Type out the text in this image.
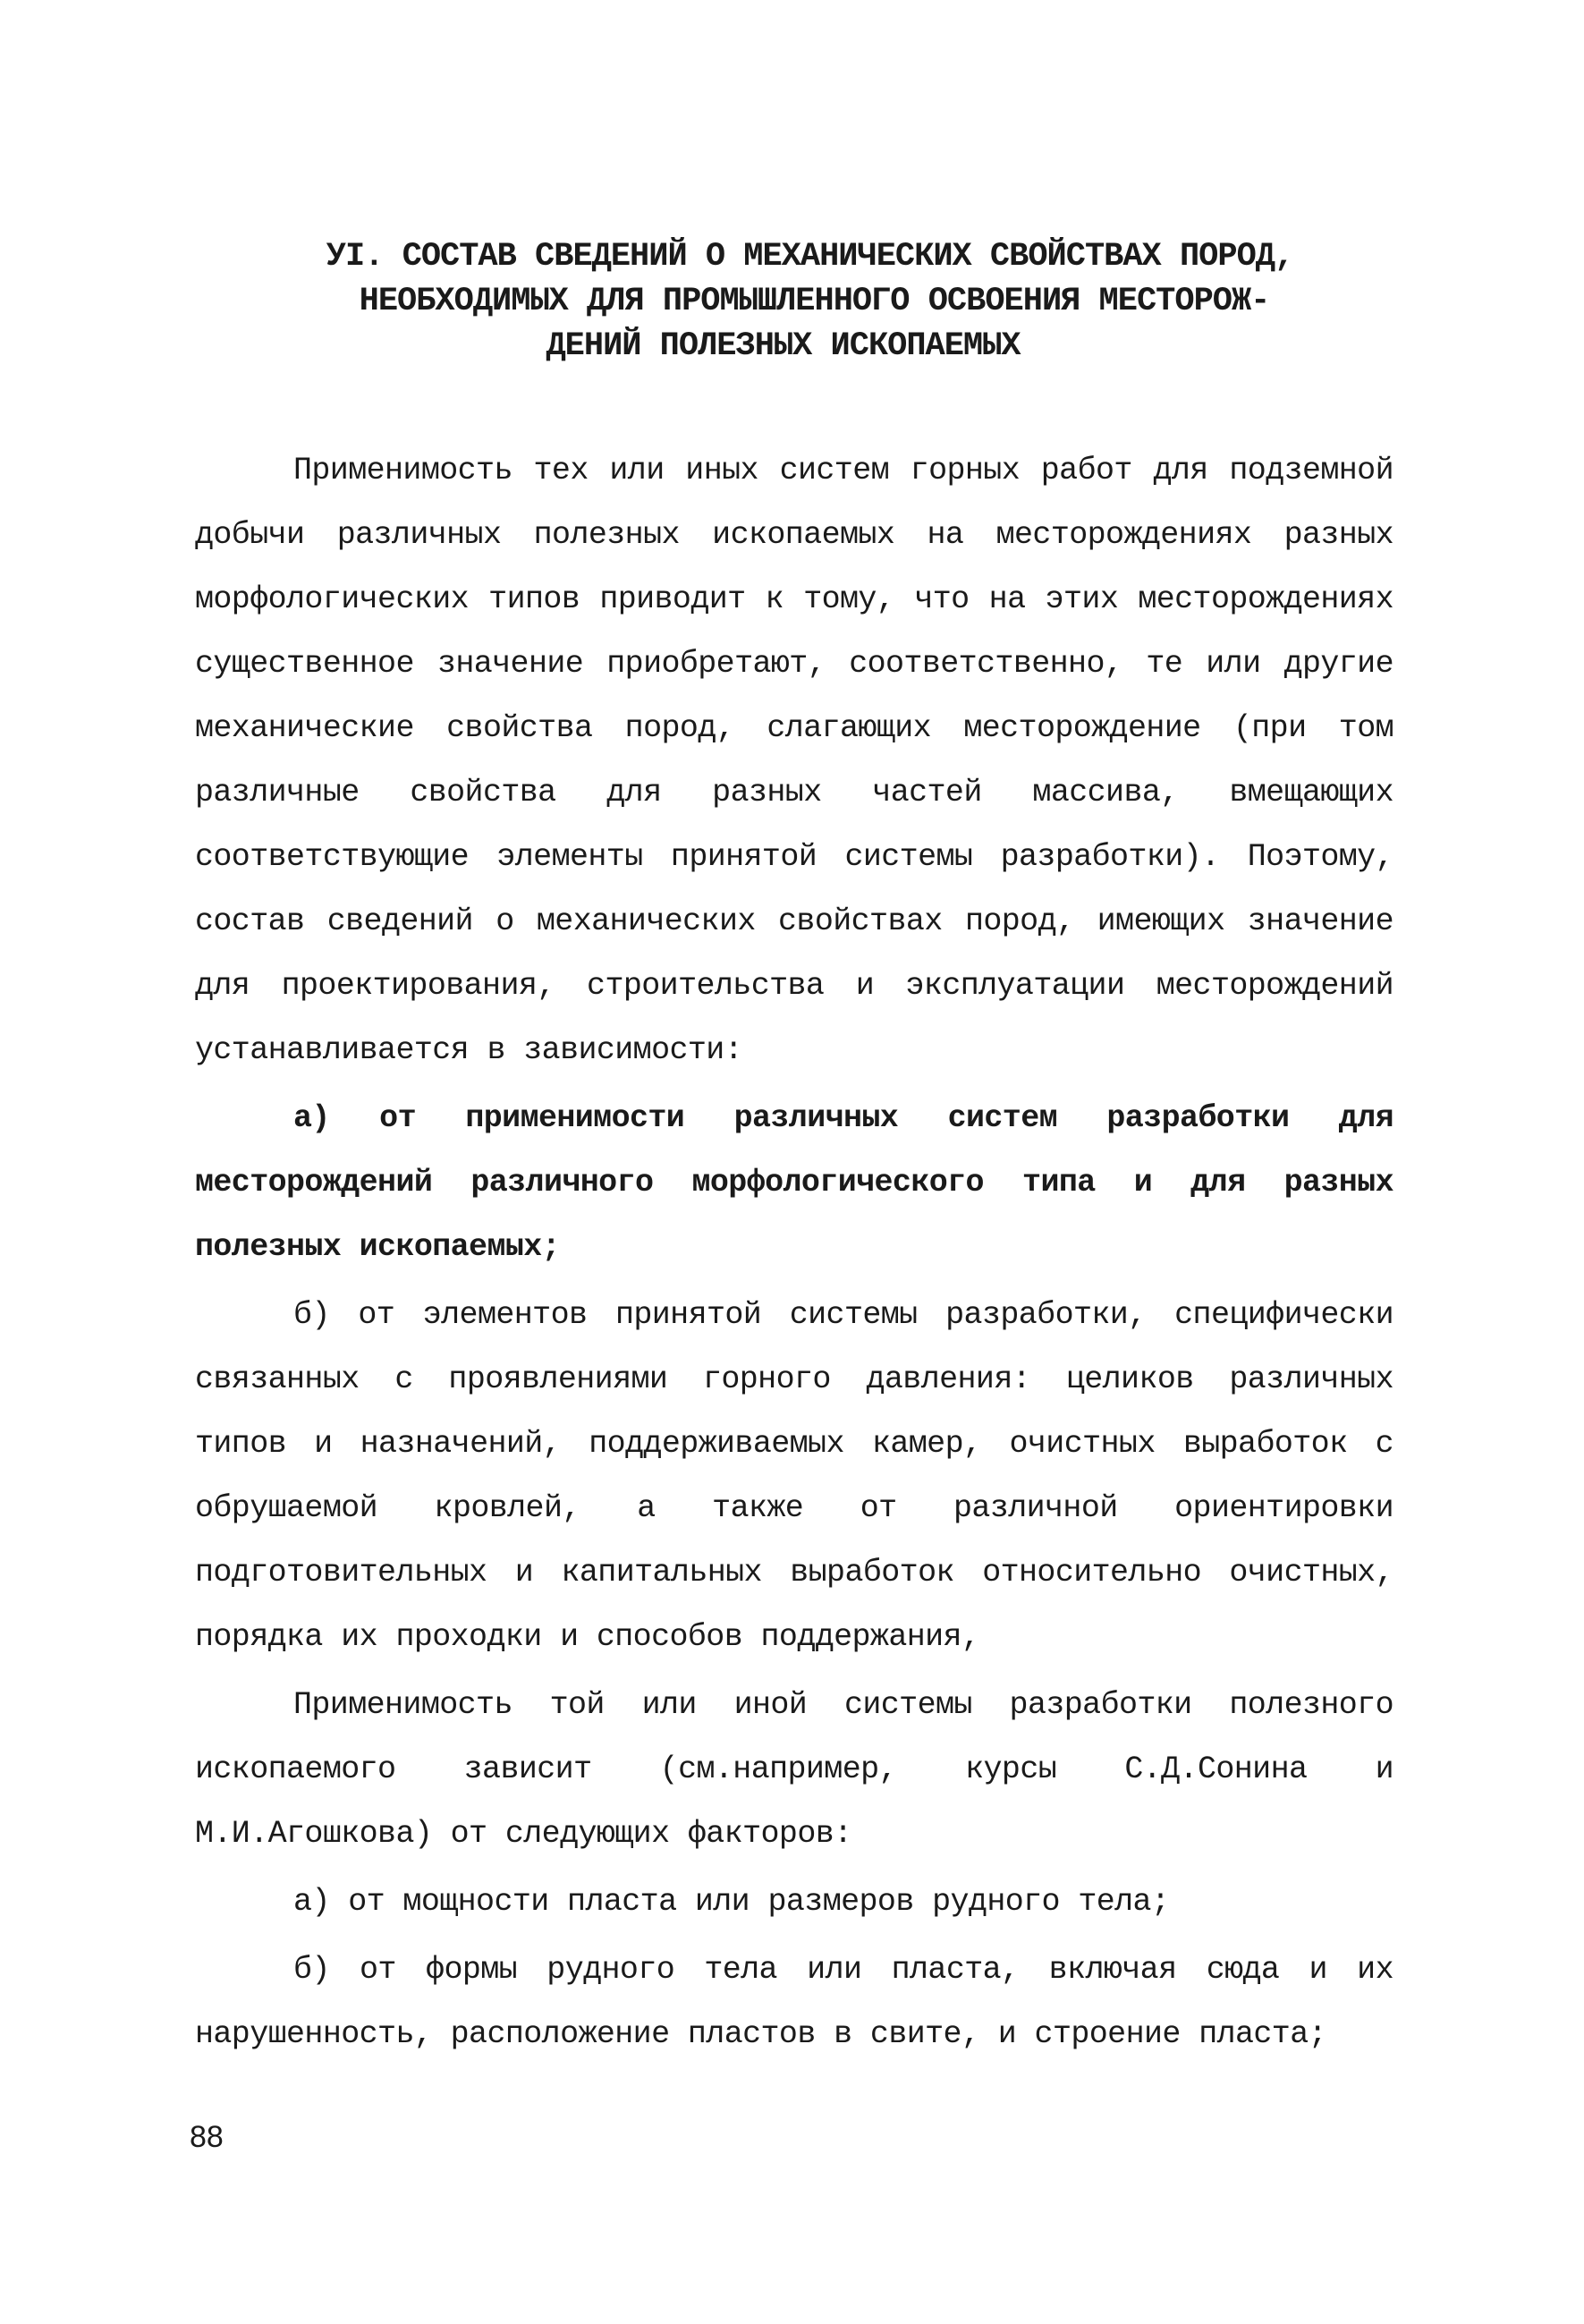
УI. СОСТАВ СВЕДЕНИЙ О МЕХАНИЧЕСКИХ СВОЙСТВАХ ПОРОД,
НЕОБХОДИМЫХ ДЛЯ ПРОМЫШЛЕННОГО ОСВОЕНИЯ МЕСТОРОЖ-
ДЕНИЙ ПОЛЕЗНЫХ ИСКОПАЕМЫХ

Применимость тех или иных систем горных работ для подземной добычи различных полезных ископаемых на месторождениях разных морфологических типов приводит к тому, что на этих месторождениях существенное значение приобретают, соответственно, те или другие механические свойства пород, слагающих месторождение (при том различные свойства для разных частей массива, вмещающих соответствующие элементы принятой системы разработки). Поэтому, состав сведений о механических свойствах пород, имеющих значение для проектирования, строительства и эксплуатации месторождений устанавливается в зависимости:

а) от применимости различных систем разработки для месторождений различного морфологического типа и для разных полезных ископаемых;

б) от элементов принятой системы разработки, специфически связанных с проявлениями горного давления: целиков различных типов и назначений, поддерживаемых камер, очистных выработок с обрушаемой кровлей, а также от различной ориентировки подготовительных и капитальных выработок относительно очистных, порядка их проходки и способов поддержания,

Применимость той или иной системы разработки полезного ископаемого зависит (см.например, курсы С.Д.Сонина и М.И.Агошкова) от следующих факторов:

а) от мощности пласта или размеров рудного тела;

б) от формы рудного тела или пласта, включая сюда и их нарушенность, расположение пластов в свите, и строение пласта;

88
